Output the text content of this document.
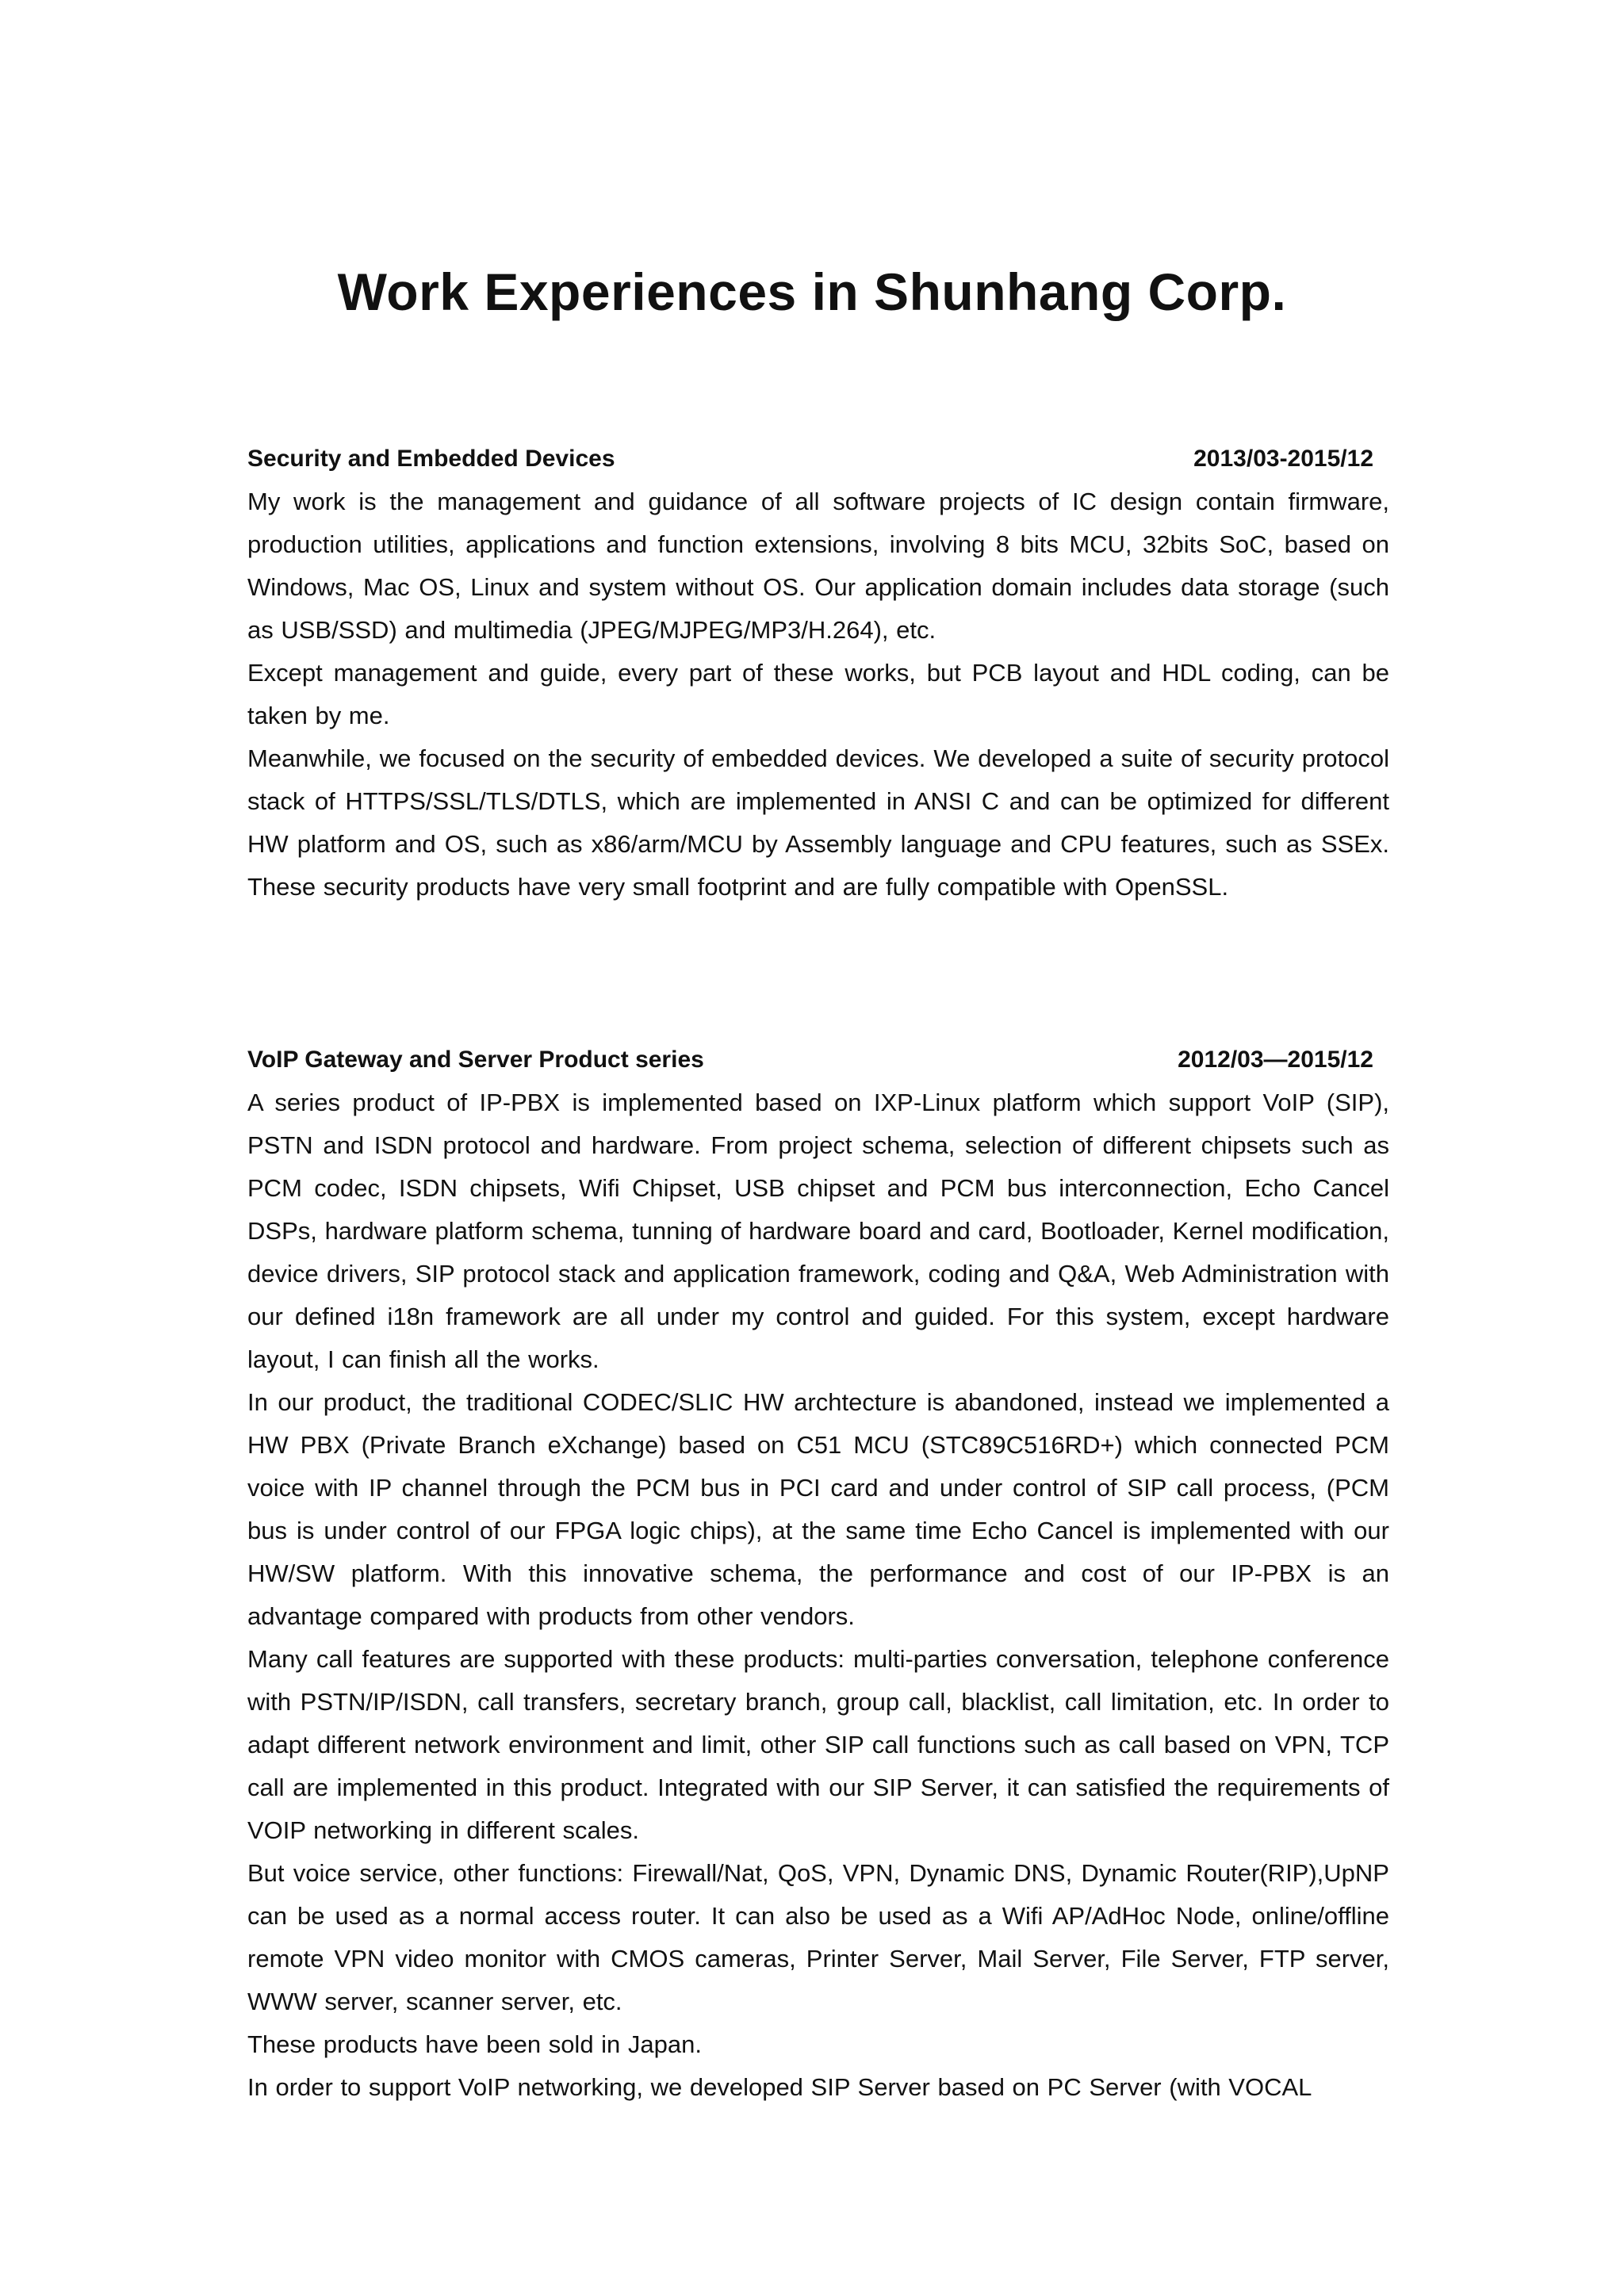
Work Experiences in Shunhang Corp.
Security and Embedded Devices	2013/03-2015/12

My work is the management and guidance of all software projects of IC design contain firmware, production utilities, applications and function extensions, involving 8 bits MCU, 32bits SoC, based on Windows, Mac OS, Linux and system without OS. Our application domain includes data storage (such as USB/SSD) and multimedia (JPEG/MJPEG/MP3/H.264), etc.

Except management and guide, every part of these works, but PCB layout and HDL coding, can be taken by me.

Meanwhile, we focused on the security of embedded devices. We developed a suite of security protocol stack of HTTPS/SSL/TLS/DTLS, which are implemented in ANSI C and can be optimized for different HW platform and OS, such as x86/arm/MCU by Assembly language and CPU features, such as SSEx. These security products have very small footprint and are fully compatible with OpenSSL.

VoIP Gateway and Server Product series	2012/03—2015/12

A series product of IP-PBX is implemented based on IXP-Linux platform which support VoIP (SIP), PSTN and ISDN protocol and hardware. From project schema, selection of different chipsets such as PCM codec, ISDN chipsets, Wifi Chipset, USB chipset and PCM bus interconnection, Echo Cancel DSPs, hardware platform schema, tunning of hardware board and card, Bootloader, Kernel modification, device drivers, SIP protocol stack and application framework, coding and Q&A, Web Administration with our defined i18n framework are all under my control and guided. For this system, except hardware layout, I can finish all the works.

In our product, the traditional CODEC/SLIC HW archtecture is abandoned, instead we implemented a HW PBX (Private Branch eXchange) based on C51 MCU (STC89C516RD+) which connected PCM voice with IP channel through the PCM bus in PCI card and under control of SIP call process, (PCM bus is under control of our FPGA logic chips), at the same time Echo Cancel is implemented with our HW/SW platform. With this innovative schema, the performance and cost of our IP-PBX is an advantage compared with products from other vendors.

Many call features are supported with these products: multi-parties conversation, telephone conference with PSTN/IP/ISDN, call transfers, secretary branch, group call, blacklist, call limitation, etc. In order to adapt different network environment and limit, other SIP call functions such as call based on VPN, TCP call are implemented in this product. Integrated with our SIP Server, it can satisfied the requirements of VOIP networking in different scales.

But voice service, other functions: Firewall/Nat, QoS, VPN, Dynamic DNS, Dynamic Router(RIP),UpNP can be used as a normal access router. It can also be used as a Wifi AP/AdHoc Node, online/offline remote VPN video monitor with CMOS cameras, Printer Server, Mail Server, File Server, FTP server, WWW server, scanner server, etc.

These products have been sold in Japan.

In order to support VoIP networking, we developed SIP Server based on PC Server (with VOCAL
